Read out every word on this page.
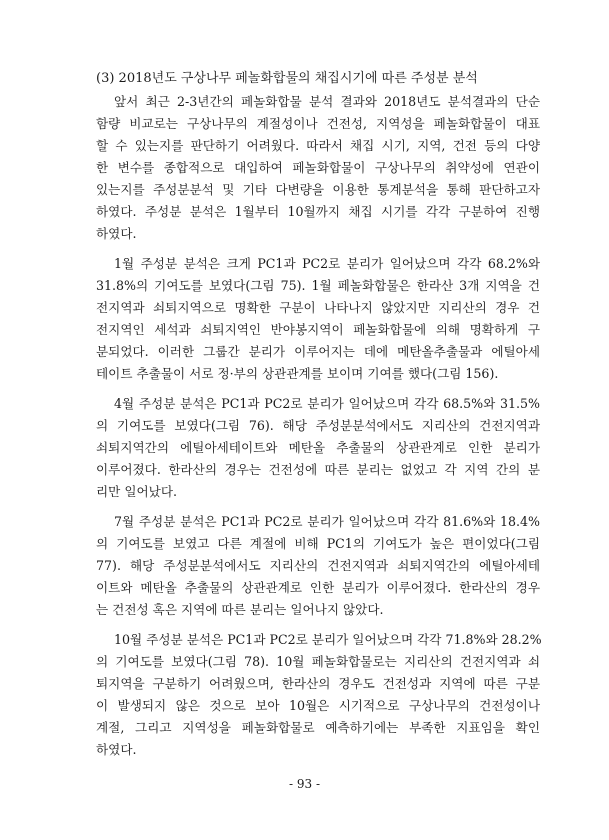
(3) 2018년도 구상나무 페놀화합물의 채집시기에 따른 주성분 분석
앞서 최근 2-3년간의 페놀화합물 분석 결과와 2018년도 분석결과의 단순
함량 비교로는 구상나무의 계절성이나 건전성, 지역성을 페놀화합물이 대표
할 수 있는지를 판단하기 어려웠다. 따라서 채집 시기, 지역, 건전 등의 다양
한 변수를 종합적으로 대입하여 페놀화합물이 구상나무의 취약성에 연관이
있는지를 주성분분석 및 기타 다변량을 이용한 통계분석을 통해 판단하고자
하였다. 주성분 분석은 1월부터 10월까지 채집 시기를 각각 구분하여 진행
하였다.
1월 주성분 분석은 크게 PC1과 PC2로 분리가 일어났으며 각각 68.2%와
31.8%의 기여도를 보였다(그림 75). 1월 페놀화합물은 한라산 3개 지역을 건
전지역과 쇠퇴지역으로 명확한 구분이 나타나지 않았지만 지리산의 경우 건
전지역인 세석과 쇠퇴지역인 반야봉지역이 페놀화합물에 의해 명확하게 구
분되었다. 이러한 그룹간 분리가 이루어지는 데에 메탄올추출물과 에틸아세
테이트 추출물이 서로 정·부의 상관관계를 보이며 기여를 했다(그림 156).
4월 주성분 분석은 PC1과 PC2로 분리가 일어났으며 각각 68.5%와 31.5%
의 기여도를 보였다(그림 76). 해당 주성분분석에서도 지리산의 건전지역과
쇠퇴지역간의 에틸아세테이트와 메탄올 추출물의 상관관계로 인한 분리가
이루어졌다. 한라산의 경우는 건전성에 따른 분리는 없었고 각 지역 간의 분
리만 일어났다.
7월 주성분 분석은 PC1과 PC2로 분리가 일어났으며 각각 81.6%와 18.4%
의 기여도를 보였고 다른 계절에 비해 PC1의 기여도가 높은 편이었다(그림
77). 해당 주성분분석에서도 지리산의 건전지역과 쇠퇴지역간의 에틸아세테
이트와 메탄올 추출물의 상관관계로 인한 분리가 이루어졌다. 한라산의 경우
는 건전성 혹은 지역에 따른 분리는 일어나지 않았다.
10월 주성분 분석은 PC1과 PC2로 분리가 일어났으며 각각 71.8%와 28.2%
의 기여도를 보였다(그림 78). 10월 페놀화합물로는 지리산의 건전지역과 쇠
퇴지역을 구분하기 어려웠으며, 한라산의 경우도 건전성과 지역에 따른 구분
이 발생되지 않은 것으로 보아 10월은 시기적으로 구상나무의 건전성이나
계절, 그리고 지역성을 페놀화합물로 예측하기에는 부족한 지표임을 확인
하였다.
- 93 -
